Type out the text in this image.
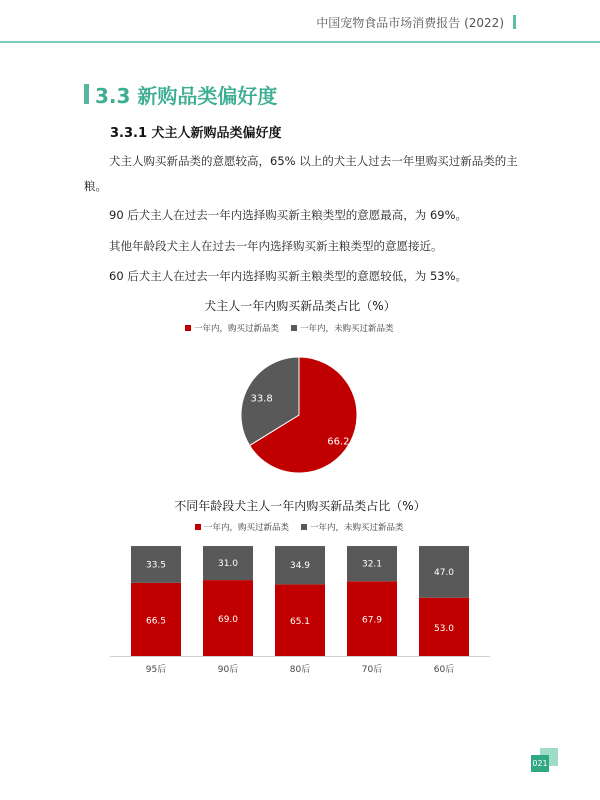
中国宠物食品市场消费报告 (2022)
3.3 新购品类偏好度
3.3.1 犬主人新购品类偏好度
犬主人购买新品类的意愿较高，65% 以上的犬主人过去一年里购买过新品类的主粮。
90 后犬主人在过去一年内选择购买新主粮类型的意愿最高，为 69%。
其他年龄段犬主人在过去一年内选择购买新主粮类型的意愿接近。
60 后犬主人在过去一年内选择购买新主粮类型的意愿较低，为 53%。
犬主人一年内购买新品类占比（%）
一年内，购买过新品类 一年内，未购买过新品类
66.2
33.8
不同年龄段犬主人一年内购买新品类占比（%）
一年内，购买过新品类 一年内，未购买过新品类
66.5
33.5
95后
69.0
31.0
90后
65.1
34.9
80后
67.9
32.1
70后
53.0
47.0
60后
021
